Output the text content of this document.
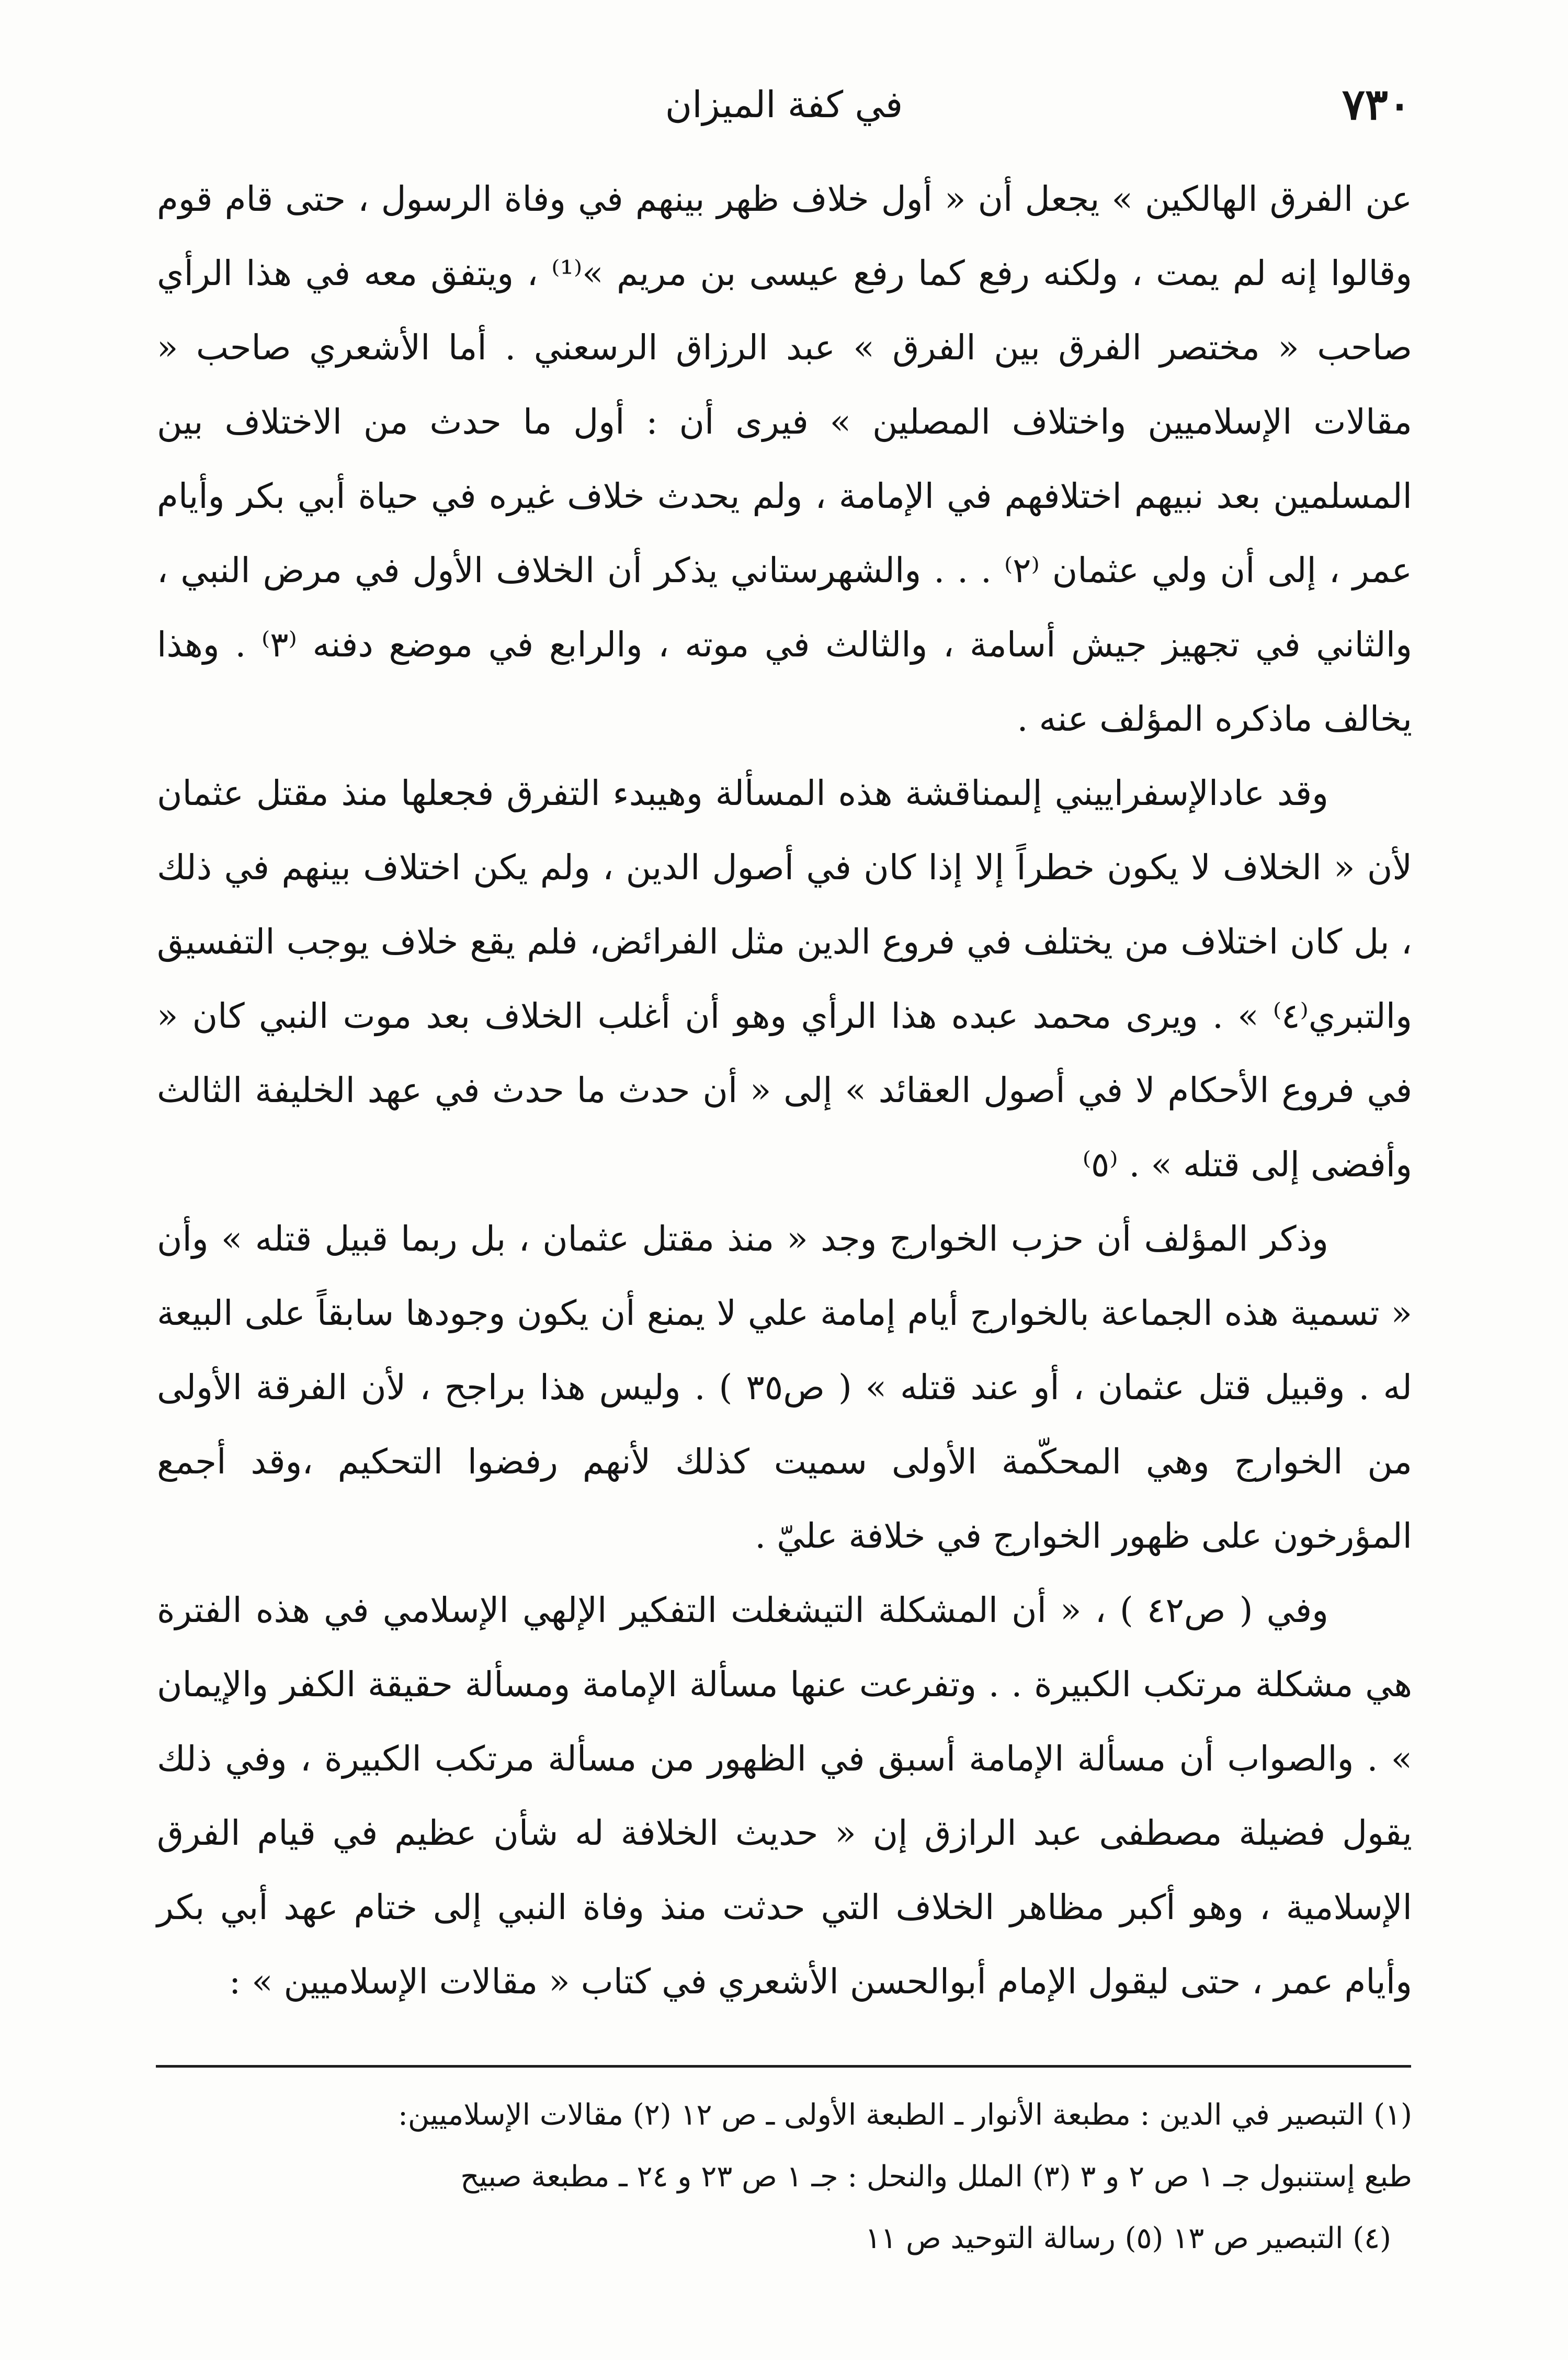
٧٣٠
في كفة الميزان

عن الفرق الهالكين » يجعل أن « أول خلاف ظهر بينهم في وفاة الرسول ، حتى قام قوم وقالوا إنه لم يمت ، ولكنه رفع كما رفع عيسى بن مريم »⁽¹⁾ ، ويتفق معه في هذا الرأي صاحب « مختصر الفرق بين الفرق » عبد الرزاق الرسعني . أما الأشعري صاحب « مقالات الإسلاميين واختلاف المصلين » فيرى أن : أول ما حدث من الاختلاف بين المسلمين بعد نبيهم اختلافهم في الإمامة ، ولم يحدث خلاف غيره في حياة أبي بكر وأيام عمر ، إلى أن ولي عثمان ⁽٢⁾ . . . والشهرستاني يذكر أن الخلاف الأول في مرض النبي ، والثاني في تجهيز جيش أسامة ، والثالث في موته ، والرابع في موضع دفنه ⁽٣⁾ . وهذا يخالف ماذكره المؤلف عنه .

وقد عادالإسفراييني إلىمناقشة هذه المسألة وهيبدء التفرق فجعلها منذ مقتل عثمان لأن « الخلاف لا يكون خطراً إلا إذا كان في أصول الدين ، ولم يكن اختلاف بينهم في ذلك ، بل كان اختلاف من يختلف في فروع الدين مثل الفرائض، فلم يقع خلاف يوجب التفسيق والتبري⁽٤⁾ » . ويرى محمد عبده هذا الرأي وهو أن أغلب الخلاف بعد موت النبي كان « في فروع الأحكام لا في أصول العقائد » إلى « أن حدث ما حدث في عهد الخليفة الثالث وأفضى إلى قتله » . ⁽٥⁾

وذكر المؤلف أن حزب الخوارج وجد « منذ مقتل عثمان ، بل ربما قبيل قتله » وأن « تسمية هذه الجماعة بالخوارج أيام إمامة علي لا يمنع أن يكون وجودها سابقاً على البيعة له . وقبيل قتل عثمان ، أو عند قتله » ( ص٣٥ ) . وليس هذا براجح ، لأن الفرقة الأولى من الخوارج وهي المحكّمة الأولى سميت كذلك لأنهم رفضوا التحكيم ،وقد أجمع المؤرخون على ظهور الخوارج في خلافة عليّ .

وفي ( ص٤٢ ) ، « أن المشكلة التيشغلت التفكير الإلهي الإسلامي في هذه الفترة هي مشكلة مرتكب الكبيرة . . وتفرعت عنها مسألة الإمامة ومسألة حقيقة الكفر والإيمان » . والصواب أن مسألة الإمامة أسبق في الظهور من مسألة مرتكب الكبيرة ، وفي ذلك يقول فضيلة مصطفى عبد الرازق إن « حديث الخلافة له شأن عظيم في قيام الفرق الإسلامية ، وهو أكبر مظاهر الخلاف التي حدثت منذ وفاة النبي إلى ختام عهد أبي بكر وأيام عمر ، حتى ليقول الإمام أبوالحسن الأشعري في كتاب « مقالات الإسلاميين » :

(١) التبصير في الدين : مطبعة الأنوار ـ الطبعة الأولى ـ ص ١٢ (٢) مقالات الإسلاميين:

طبع إستنبول جـ ١ ص ٢ و ٣ (٣) الملل والنحل : جـ ١ ص ٢٣ و ٢٤ ـ مطبعة صبيح

(٤) التبصير ص ١٣ (٥) رسالة التوحيد ص ١١
